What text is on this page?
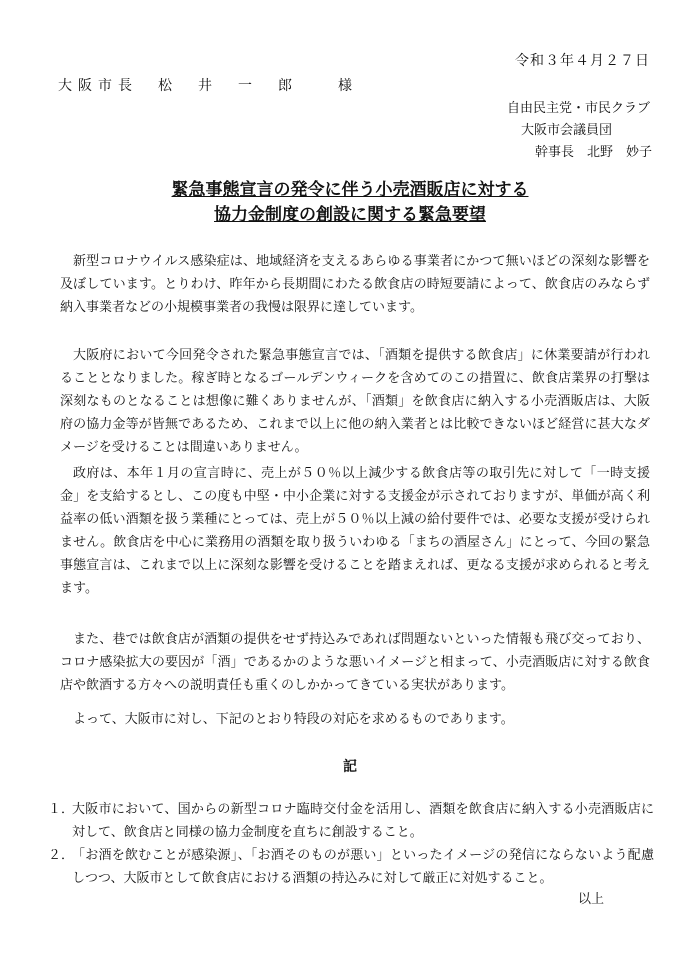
令和３年４月２７日
大阪市長　松　井　一　郎　　様
自由民主党・市民クラブ
大阪市会議員団
幹事長　北野　妙子
緊急事態宣言の発令に伴う小売酒販店に対する
協力金制度の創設に関する緊急要望

新型コロナウイルス感染症は、地域経済を支えるあらゆる事業者にかつて無いほどの深刻な影響を及ぼしています。とりわけ、昨年から長期間にわたる飲食店の時短要請によって、飲食店のみならず納入事業者などの小規模事業者の我慢は限界に達しています。

大阪府において今回発令された緊急事態宣言では、「酒類を提供する飲食店」に休業要請が行われることとなりました。稼ぎ時となるゴールデンウィークを含めてのこの措置に、飲食店業界の打撃は深刻なものとなることは想像に難くありませんが、「酒類」を飲食店に納入する小売酒販店は、大阪府の協力金等が皆無であるため、これまで以上に他の納入業者とは比較できないほど経営に甚大なダメージを受けることは間違いありません。

政府は、本年１月の宣言時に、売上が５０％以上減少する飲食店等の取引先に対して「一時支援金」を支給するとし、この度も中堅・中小企業に対する支援金が示されておりますが、単価が高く利益率の低い酒類を扱う業種にとっては、売上が５０％以上減の給付要件では、必要な支援が受けられません。飲食店を中心に業務用の酒類を取り扱ういわゆる「まちの酒屋さん」にとって、今回の緊急事態宣言は、これまで以上に深刻な影響を受けることを踏まえれば、更なる支援が求められると考えます。

また、巷では飲食店が酒類の提供をせず持込みであれば問題ないといった情報も飛び交っており、コロナ感染拡大の要因が「酒」であるかのような悪いイメージと相まって、小売酒販店に対する飲食店や飲酒する方々への説明責任も重くのしかかってきている実状があります。

よって、大阪市に対し、下記のとおり特段の対応を求めるものであります。

記
１．
大阪市において、国からの新型コロナ臨時交付金を活用し、酒類を飲食店に納入する小売酒販店に対して、飲食店と同様の協力金制度を直ちに創設すること。
２．
「お酒を飲むことが感染源」、「お酒そのものが悪い」といったイメージの発信にならないよう配慮しつつ、大阪市として飲食店における酒類の持込みに対して厳正に対処すること。
以上
